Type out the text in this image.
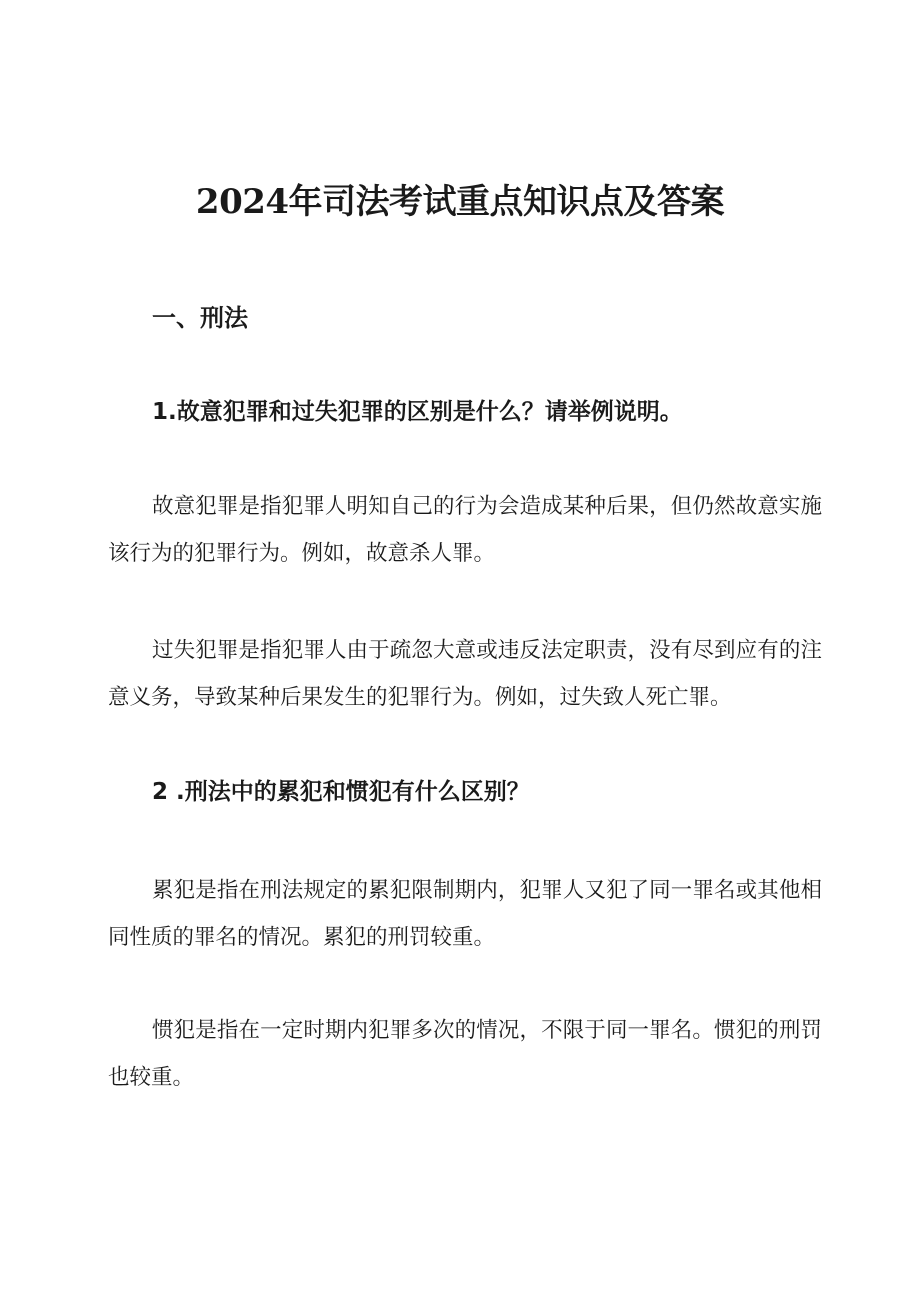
2024年司法考试重点知识点及答案
一、刑法
1.故意犯罪和过失犯罪的区别是什么？请举例说明。

故意犯罪是指犯罪人明知自己的行为会造成某种后果，但仍然故意实施该行为的犯罪行为。例如，故意杀人罪。

过失犯罪是指犯罪人由于疏忽大意或违反法定职责，没有尽到应有的注意义务，导致某种后果发生的犯罪行为。例如，过失致人死亡罪。

2 .刑法中的累犯和惯犯有什么区别？

累犯是指在刑法规定的累犯限制期内，犯罪人又犯了同一罪名或其他相同性质的罪名的情况。累犯的刑罚较重。

惯犯是指在一定时期内犯罪多次的情况，不限于同一罪名。惯犯的刑罚也较重。
